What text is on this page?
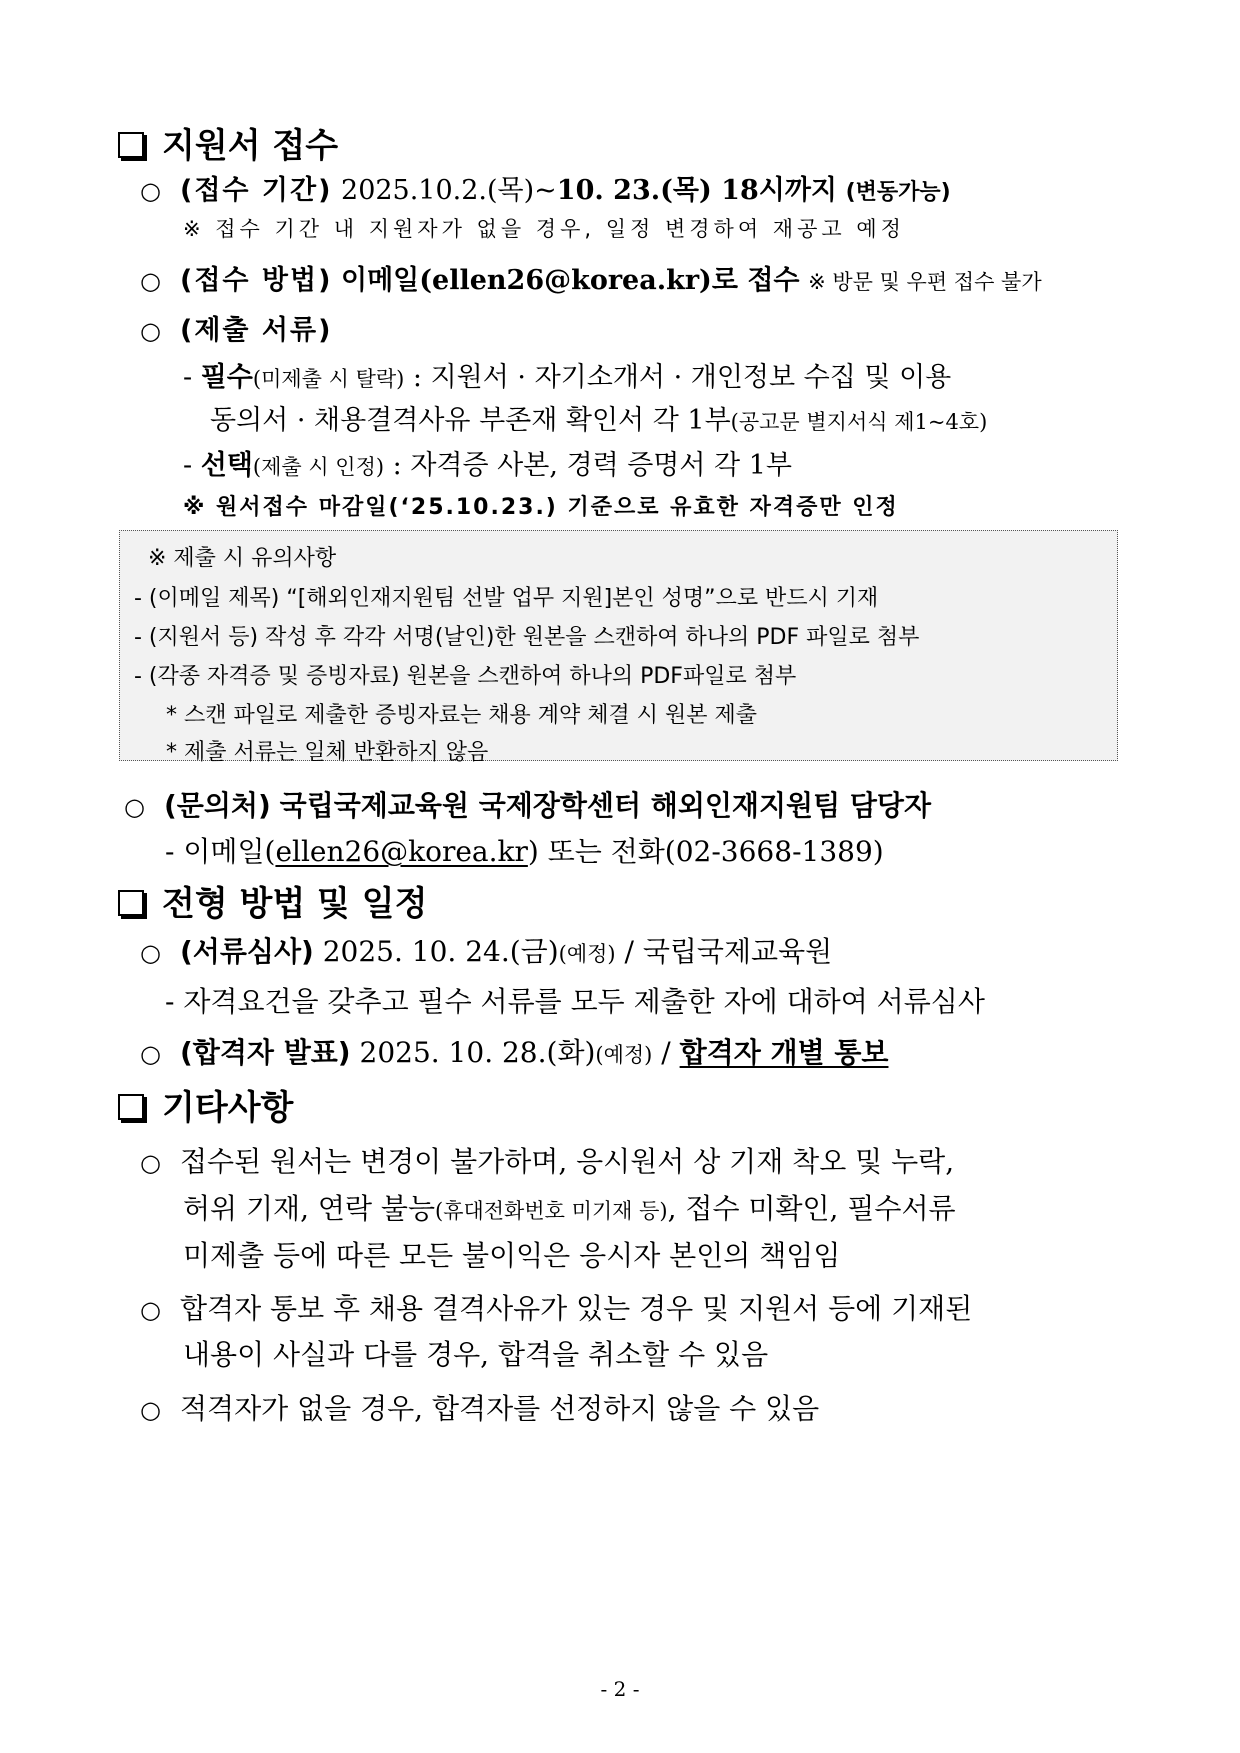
지원서 접수
○ (접수 기간) 2025.10.2.(목)~10. 23.(목) 18시까지 (변동가능)
※ 접수 기간 내 지원자가 없을 경우, 일정 변경하여 재공고 예정
○ (접수 방법) 이메일(ellen26@korea.kr)로 접수 ※ 방문 및 우편 접수 불가
○ (제출 서류)
- 필수(미제출 시 탈락) : 지원서 · 자기소개서 · 개인정보 수집 및 이용
동의서 · 채용결격사유 부존재 확인서 각 1부(공고문 별지서식 제1~4호)
- 선택(제출 시 인정) : 자격증 사본, 경력 증명서 각 1부
※ 원서접수 마감일(‘25.10.23.) 기준으로 유효한 자격증만 인정
※ 제출 시 유의사항
- (이메일 제목) “[해외인재지원팀 선발 업무 지원]본인 성명”으로 반드시 기재
- (지원서 등) 작성 후 각각 서명(날인)한 원본을 스캔하여 하나의 PDF 파일로 첨부
- (각종 자격증 및 증빙자료) 원본을 스캔하여 하나의 PDF파일로 첨부
* 스캔 파일로 제출한 증빙자료는 채용 계약 체결 시 원본 제출
* 제출 서류는 일체 반환하지 않음
○ (문의처) 국립국제교육원 국제장학센터 해외인재지원팀 담당자
- 이메일(ellen26@korea.kr) 또는 전화(02-3668-1389)
전형 방법 및 일정
○ (서류심사) 2025. 10. 24.(금)(예정) / 국립국제교육원
- 자격요건을 갖추고 필수 서류를 모두 제출한 자에 대하여 서류심사
○ (합격자 발표) 2025. 10. 28.(화)(예정) / 합격자 개별 통보
기타사항
○ 접수된 원서는 변경이 불가하며, 응시원서 상 기재 착오 및 누락,
허위 기재, 연락 불능(휴대전화번호 미기재 등), 접수 미확인, 필수서류
미제출 등에 따른 모든 불이익은 응시자 본인의 책임임
○ 합격자 통보 후 채용 결격사유가 있는 경우 및 지원서 등에 기재된
내용이 사실과 다를 경우, 합격을 취소할 수 있음
○ 적격자가 없을 경우, 합격자를 선정하지 않을 수 있음
- 2 -
